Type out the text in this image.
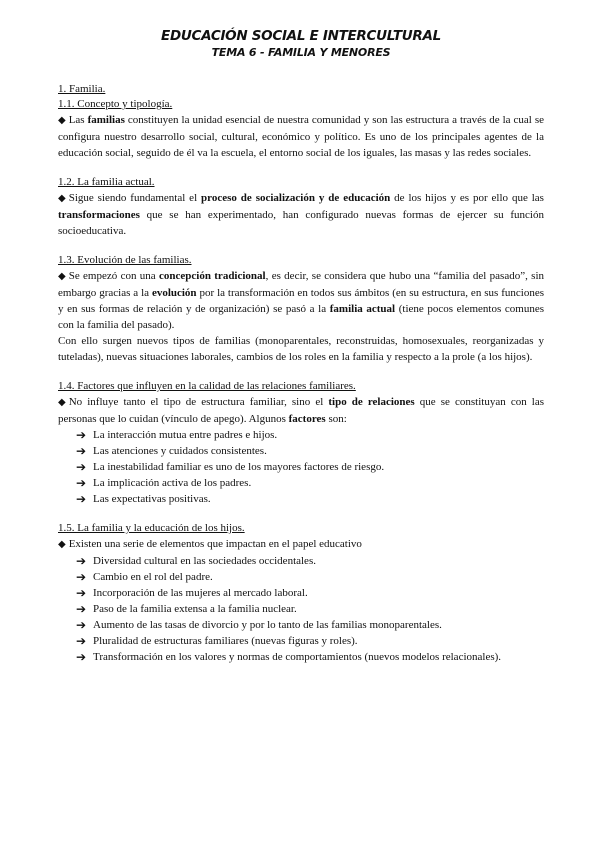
EDUCACIÓN SOCIAL E INTERCULTURAL
TEMA 6 - FAMILIA Y MENORES
1. Familia.
1.1. Concepto y tipología.

◆ Las familias constituyen la unidad esencial de nuestra comunidad y son las estructura a través de la cual se configura nuestro desarrollo social, cultural, económico y político. Es uno de los principales agentes de la educación social, seguido de él va la escuela, el entorno social de los iguales, las masas y las redes sociales.

1.2. La familia actual.

◆ Sigue siendo fundamental el proceso de socialización y de educación de los hijos y es por ello que las transformaciones que se han experimentado, han configurado nuevas formas de ejercer su función socioeducativa.

1.3. Evolución de las familias.

◆ Se empezó con una concepción tradicional, es decir, se considera que hubo una “familia del pasado”, sin embargo gracias a la evolución por la transformación en todos sus ámbitos (en su estructura, en sus funciones y en sus formas de relación y de organización) se pasó a la familia actual (tiene pocos elementos comunes con la familia del pasado).

Con ello surgen nuevos tipos de familias (monoparentales, reconstruidas, homosexuales, reorganizadas y tuteladas), nuevas situaciones laborales, cambios de los roles en la familia y respecto a la prole (a los hijos).

1.4. Factores que influyen en la calidad de las relaciones familiares.

◆ No influye tanto el tipo de estructura familiar, sino el tipo de relaciones que se constituyan con las personas que lo cuidan (vínculo de apego). Algunos factores son:

➔ La interacción mutua entre padres e hijos.
➔ Las atenciones y cuidados consistentes.
➔ La inestabilidad familiar es uno de los mayores factores de riesgo.
➔ La implicación activa de los padres.
➔ Las expectativas positivas.
1.5. La familia y la educación de los hijos.

◆ Existen una serie de elementos que impactan en el papel educativo

➔ Diversidad cultural en las sociedades occidentales.
➔ Cambio en el rol del padre.
➔ Incorporación de las mujeres al mercado laboral.
➔ Paso de la familia extensa a la familia nuclear.
➔ Aumento de las tasas de divorcio y por lo tanto de las familias monoparentales.
➔ Pluralidad de estructuras familiares (nuevas figuras y roles).
➔ Transformación en los valores y normas de comportamientos (nuevos modelos relacionales).
